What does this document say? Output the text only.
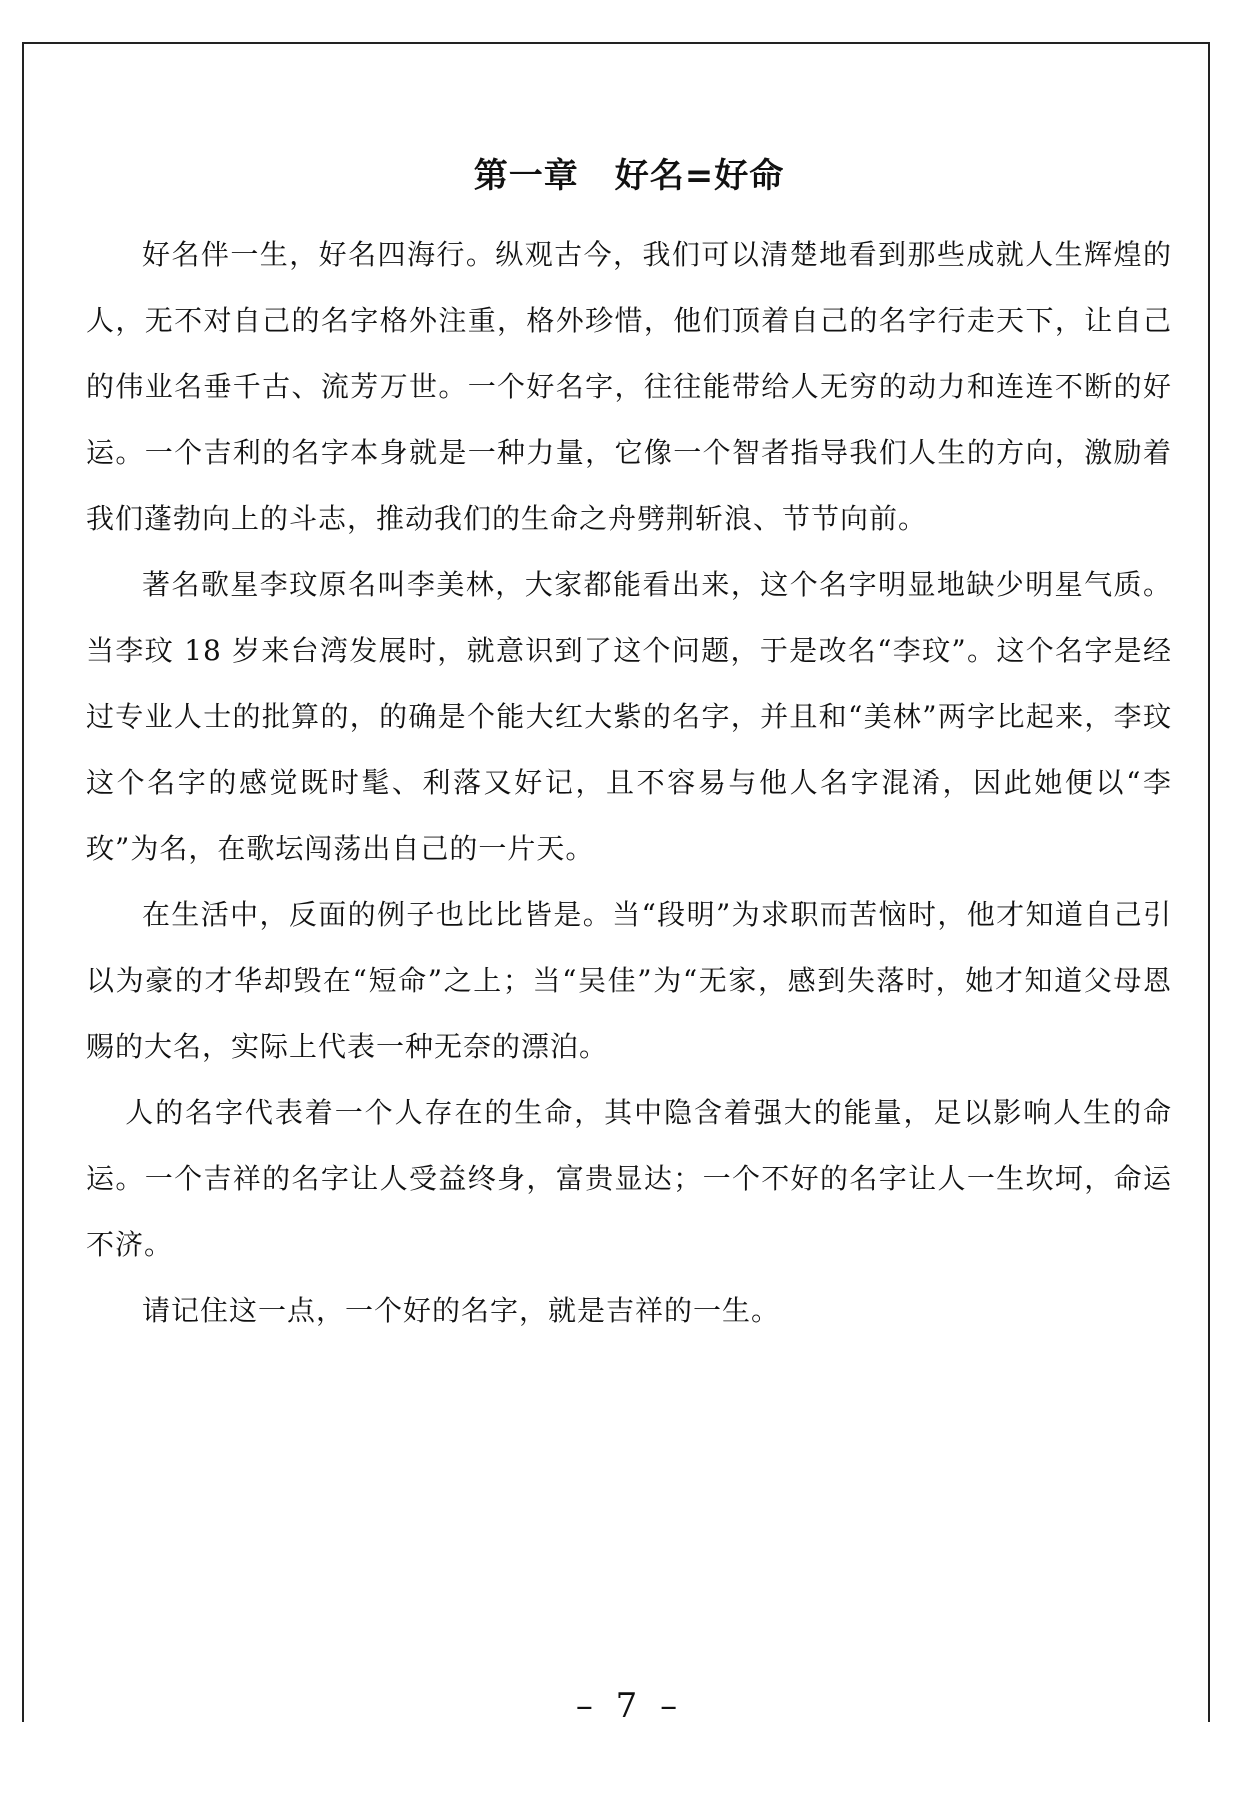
第一章 好名=好命

好名伴一生，好名四海行。纵观古今，我们可以清楚地看到那些成就人生辉煌的人，无不对自己的名字格外注重，格外珍惜，他们顶着自己的名字行走天下，让自己的伟业名垂千古、流芳万世。一个好名字，往往能带给人无穷的动力和连连不断的好运。一个吉利的名字本身就是一种力量，它像一个智者指导我们人生的方向，激励着我们蓬勃向上的斗志，推动我们的生命之舟劈荆斩浪、节节向前。

著名歌星李玟原名叫李美林，大家都能看出来，这个名字明显地缺少明星气质。当李玟 18 岁来台湾发展时，就意识到了这个问题，于是改名“李玟”。这个名字是经过专业人士的批算的，的确是个能大红大紫的名字，并且和“美林”两字比起来，李玟这个名字的感觉既时髦、利落又好记，且不容易与他人名字混淆，因此她便以“李玫”为名，在歌坛闯荡出自己的一片天。

在生活中，反面的例子也比比皆是。当“段明”为求职而苦恼时，他才知道自己引以为豪的才华却毁在“短命”之上；当“吴佳”为“无家，感到失落时，她才知道父母恩赐的大名，实际上代表一种无奈的漂泊。

人的名字代表着一个人存在的生命，其中隐含着强大的能量，足以影响人生的命运。一个吉祥的名字让人受益终身，富贵显达；一个不好的名字让人一生坎坷，命运不济。

请记住这一点，一个好的名字，就是吉祥的一生。

– 7 –
